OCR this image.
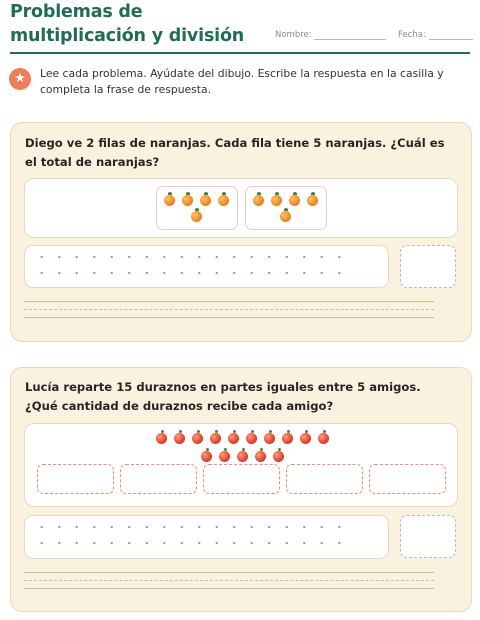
Problemas de multiplicación y división	Nombre:	Fecha:
★	Lee cada problema. Ayúdate del dibujo. Escribe la respuesta en la casilla y completa la frase de respuesta.
Diego ve 2 filas de naranjas. Cada fila tiene 5 naranjas. ¿Cuál es el total de naranjas?
Lucía reparte 15 duraznos en partes iguales entre 5 amigos. ¿Qué cantidad de duraznos recibe cada amigo?
